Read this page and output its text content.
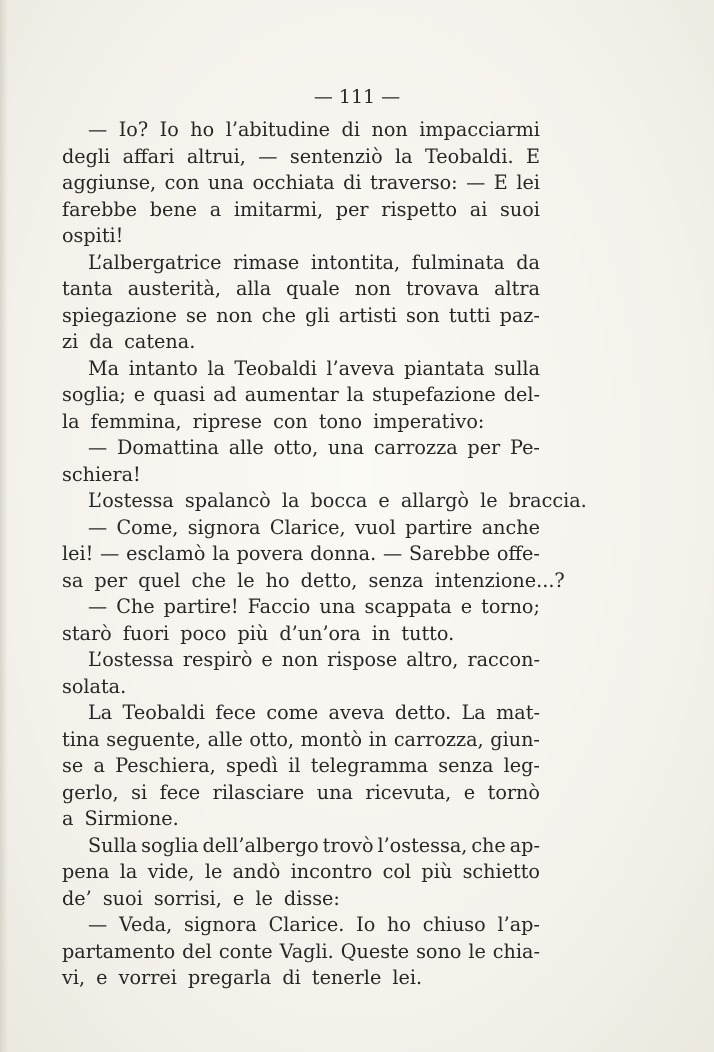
— 111 —
— Io? Io ho l’abitudine di non impacciarmi
degli affari altrui, — sentenziò la Teobaldi. E
aggiunse, con una occhiata di traverso: — E lei
farebbe bene a imitarmi, per rispetto ai suoi
ospiti!
L’albergatrice rimase intontita, fulminata da
tanta austerità, alla quale non trovava altra
spiegazione se non che gli artisti son tutti paz-
zi da catena.
Ma intanto la Teobaldi l’aveva piantata sulla
soglia; e quasi ad aumentar la stupefazione del-
la femmina, riprese con tono imperativo:
— Domattina alle otto, una carrozza per Pe-
schiera!
L’ostessa spalancò la bocca e allargò le braccia.
— Come, signora Clarice, vuol partire anche
lei! — esclamò la povera donna. — Sarebbe offe-
sa per quel che le ho detto, senza intenzione...?
— Che partire! Faccio una scappata e torno;
starò fuori poco più d’un’ora in tutto.
L’ostessa respirò e non rispose altro, raccon-
solata.
La Teobaldi fece come aveva detto. La mat-
tina seguente, alle otto, montò in carrozza, giun-
se a Peschiera, spedì il telegramma senza leg-
gerlo, si fece rilasciare una ricevuta, e tornò
a Sirmione.
Sulla soglia dell’albergo trovò l’ostessa, che ap-
pena la vide, le andò incontro col più schietto
de’ suoi sorrisi, e le disse:
— Veda, signora Clarice. Io ho chiuso l’ap-
partamento del conte Vagli. Queste sono le chia-
vi, e vorrei pregarla di tenerle lei.
